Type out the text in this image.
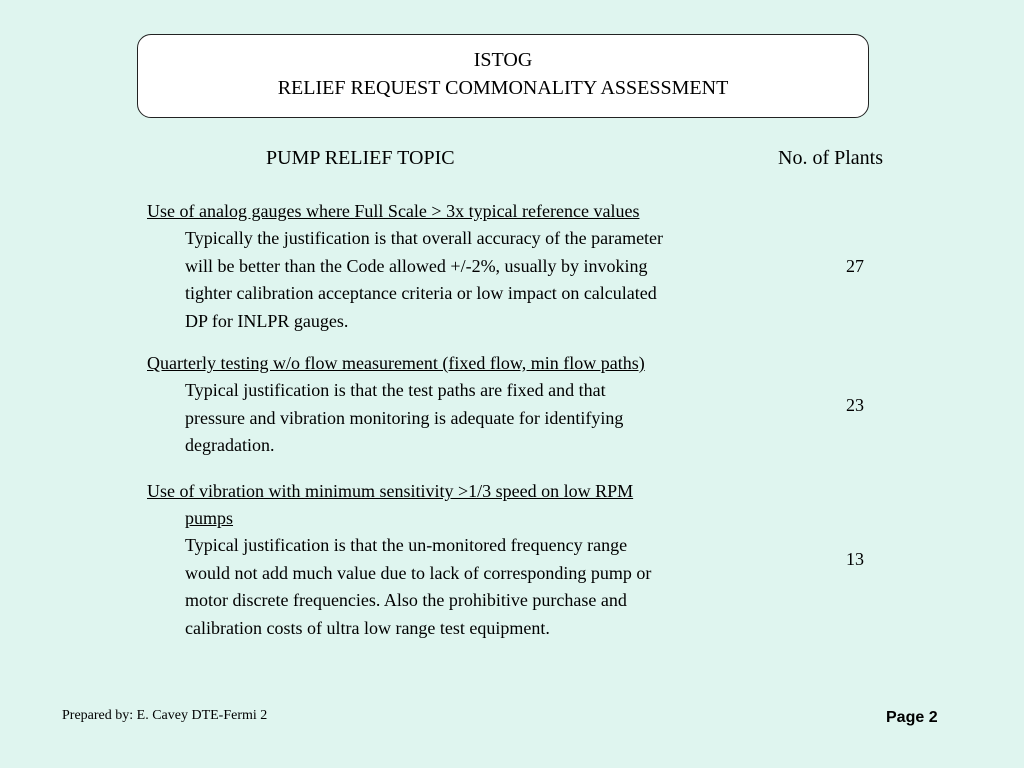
ISTOG
RELIEF REQUEST COMMONALITY ASSESSMENT
PUMP RELIEF TOPIC	No. of Plants
Use of analog gauges where Full Scale > 3x typical reference values
Typically the justification is that overall accuracy of the parameter
will be better than the Code allowed +/-2%, usually by invoking
tighter calibration acceptance criteria or low impact on calculated
DP for INLPR gauges.
27
Quarterly testing w/o flow measurement (fixed flow, min flow paths)
Typical justification is that the test paths are fixed and that
pressure and vibration monitoring is adequate for identifying
degradation.
23
Use of vibration with minimum sensitivity >1/3 speed on low RPM
pumps
Typical justification is that the un-monitored frequency range
would not add much value due to lack of corresponding pump or
motor discrete frequencies. Also the prohibitive purchase and
calibration costs of ultra low range test equipment.
13
Prepared by: E. Cavey DTE-Fermi 2	Page 2
